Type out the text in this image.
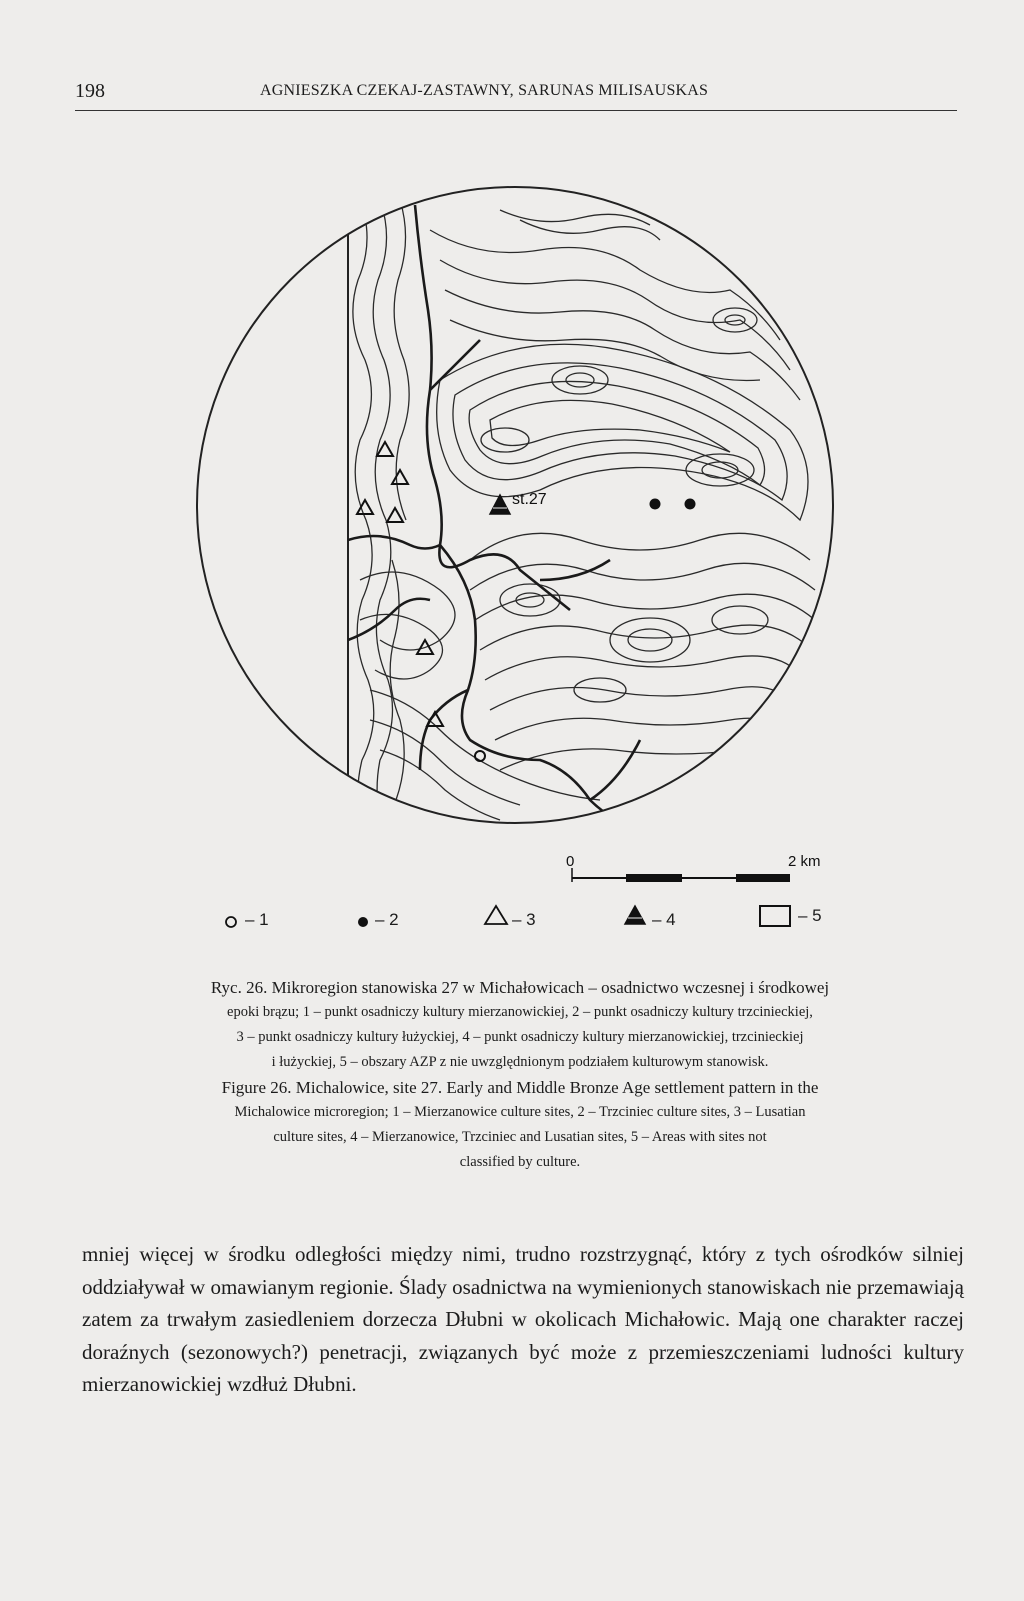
198	AGNIESZKA CZEKAJ-ZASTAWNY, SARUNAS MILISAUSKAS
st.27
0	2 km
– 1	– 2	– 3	– 4	– 5
Ryc. 26. Mikroregion stanowiska 27 w Michałowicach – osadnictwo wczesnej i środkowej
epoki brązu; 1 – punkt osadniczy kultury mierzanowickiej, 2 – punkt osadniczy kultury trzcinieckiej,
3 – punkt osadniczy kultury łużyckiej, 4 – punkt osadniczy kultury mierzanowickiej, trzcinieckiej
i łużyckiej, 5 – obszary AZP z nie uwzględnionym podziałem kulturowym stanowisk.
Figure 26. Michalowice, site 27. Early and Middle Bronze Age settlement pattern in the
Michalowice microregion; 1 – Mierzanowice culture sites, 2 – Trzciniec culture sites, 3 – Lusatian
culture sites, 4 – Mierzanowice, Trzciniec and Lusatian sites, 5 – Areas with sites not
classified by culture.
mniej więcej w środku odległości między nimi, trudno rozstrzygnąć, który z tych ośrodków silniej oddziaływał w omawianym regionie. Ślady osadnictwa na wymienionych stanowiskach nie przemawiają zatem za trwałym zasiedleniem dorzecza Dłubni w okolicach Michałowic. Mają one charakter raczej doraźnych (sezonowych?) penetracji, związanych być może z przemieszczeniami ludności kultury mierzanowickiej wzdłuż Dłubni.
